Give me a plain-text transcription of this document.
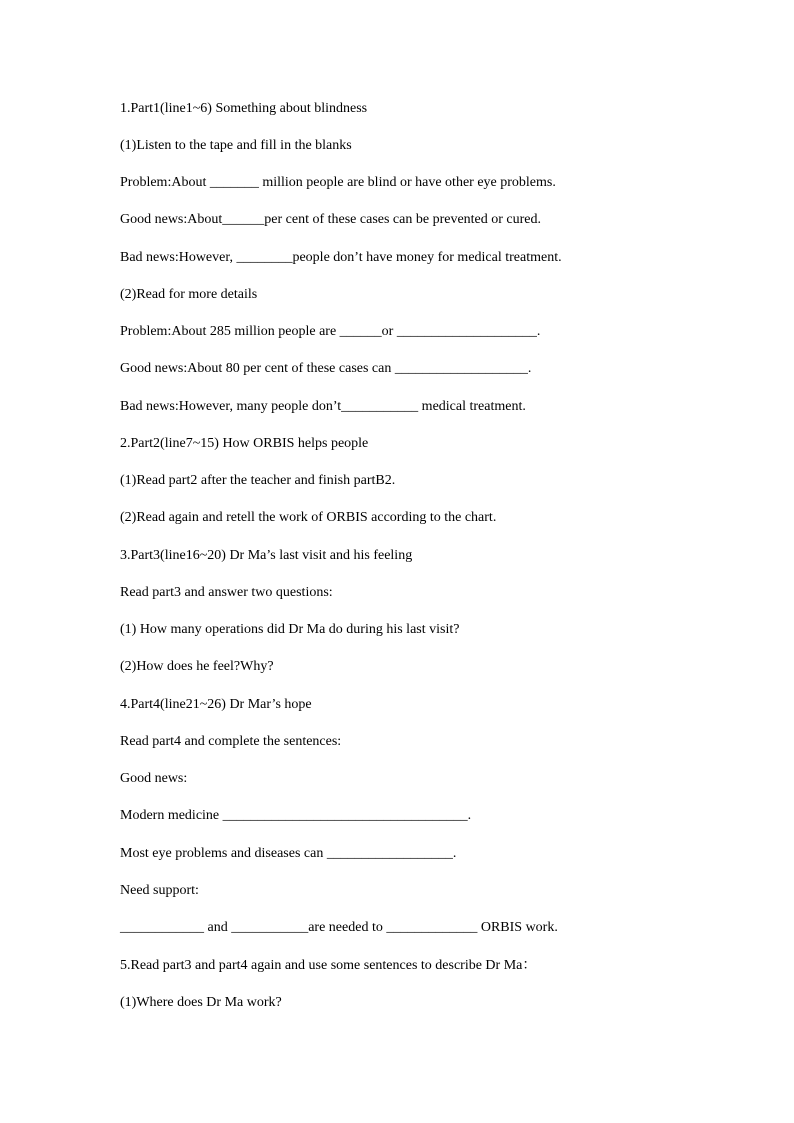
1.Part1(line1~6) Something about blindness
(1)Listen to the tape and fill in the blanks
Problem:About _______ million people are blind or have other eye problems.
Good news:About______per cent of these cases can be prevented or cured.
Bad news:However, ________people don’t have money for medical treatment.
(2)Read for more details
Problem:About 285 million people are ______or ____________________.
Good news:About 80 per cent of these cases can ___________________.
Bad news:However, many people don’t___________ medical treatment.
2.Part2(line7~15) How ORBIS helps people
(1)Read part2 after the teacher and finish partB2.
(2)Read again and retell the work of ORBIS according to the chart.
3.Part3(line16~20) Dr Ma’s last visit and his feeling
Read part3 and answer two questions:
(1) How many operations did Dr Ma do during his last visit?
(2)How does he feel?Why?
4.Part4(line21~26) Dr Mar’s hope
Read part4 and complete the sentences:
Good news:
Modern medicine ___________________________________.
Most eye problems and diseases can __________________.
Need support:
____________ and ___________are needed to _____________ ORBIS work.
5.Read part3 and part4 again and use some sentences to describe Dr Ma：
(1)Where does Dr Ma work?
